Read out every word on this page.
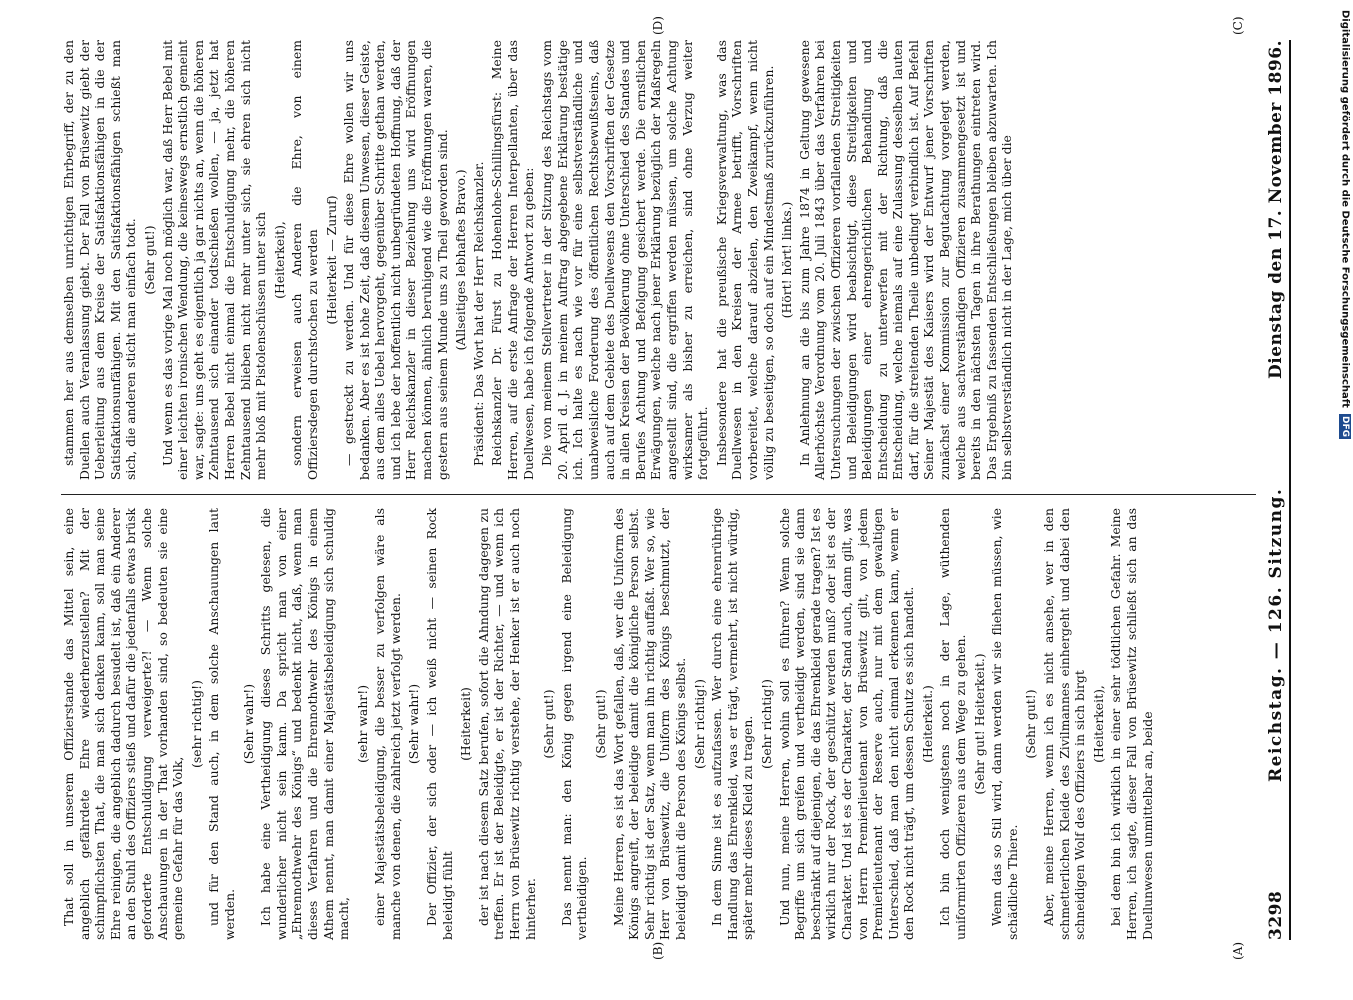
3298
Reichstag. — 126. Sitzung.
Dienstag den 17. November 1896.
(A)
(B)
(C)
(D)

That soll in unserem Offizierstande das Mittel sein, eine angeblich gefährdete Ehre wiederherzustellen? Mit der schimpflichsten That, die man sich denken kann, soll man seine Ehre reinigen, die angeblich dadurch besudelt ist, daß ein Anderer an den Stuhl des Offiziers stieß und dafür die jedenfalls etwas brüsk geforderte Entschuldigung verweigerte?! — Wenn solche Anschauungen in der That vorhanden sind, so bedeuten sie eine gemeine Gefahr für das Volk,

(sehr richtig!) und für den Stand auch, in dem solche Anschauungen laut werden.

(Sehr wahr!) Ich habe eine Vertheidigung dieses Schritts gelesen, die wunderlicher nicht sein kann. Da spricht man von einer „Ehrennothwehr des Königs“ und bedenkt nicht, daß, wenn man dieses Verfahren und die Ehrennothwehr des Königs in einem Athem nennt, man damit einer Majestätsbeleidigung sich schuldig macht,

(sehr wahr!) einer Majestätsbeleidigung, die besser zu verfolgen wäre als manche von denen, die zahlreich jetzt verfolgt werden. (Sehr wahr!) Der Offizier, der sich oder — ich weiß nicht — seinen Rock beleidigt fühlt

(Heiterkeit) der ist nach diesem Satz berufen, sofort die Ahndung dagegen zu treffen. Er ist der Beleidigte, er ist der Richter, — und wenn ich Herrn von Brüsewitz richtig verstehe, der Henker ist er auch noch hinterher.

(Sehr gut!) Das nennt man: den König gegen irgend eine Beleidigung vertheidigen.

(Sehr gut!) Meine Herren, es ist das Wort gefallen, daß, wer die Uniform des Königs angreift, der beleidige damit die königliche Person selbst. Sehr richtig ist der Satz, wenn man ihn richtig auffaßt. Wer so, wie Herr von Brüsewitz, die Uniform des Königs beschmutzt, der beleidigt damit die Person des Königs selbst. (Sehr richtig!) In dem Sinne ist es aufzufassen. Wer durch eine ehrenrührige Handlung das Ehrenkleid, was er trägt, vermehrt, ist nicht würdig, später mehr dieses Kleid zu tragen. (Sehr richtig!) Und nun, meine Herren, wohin soll es führen? Wenn solche Begriffe um sich greifen und vertheidigt werden, sind sie dann beschränkt auf diejenigen, die das Ehrenkleid gerade tragen? Ist es wirklich nur der Rock, der geschützt werden muß? oder ist es der Charakter. Und ist es der Charakter, der Stand auch, dann gilt, was von Herrn Premierlieutenant von Brüsewitz gilt, von jedem Premierlieutenant der Reserve auch, nur mit dem gewaltigen Unterschied, daß man den nicht einmal erkennen kann, wenn er den Rock nicht trägt, um dessen Schutz es sich handelt. (Heiterkeit.) Ich bin doch wenigstens noch in der Lage, wüthenden uniformirten Offizieren aus dem Wege zu gehen. (Sehr gut! Heiterkeit.) Wenn das so Stil wird, dann werden wir sie fliehen müssen, wie schädliche Thiere.

(Sehr gut!) Aber, meine Herren, wenn ich es nicht ansehe, wer in den schmetterlichen Kleide des Zivilmannes einhergeht und dabei den schneidigen Wolf des Offiziers in sich birgt (Heiterkeit), bei dem bin ich wirklich in einer sehr tödtlichen Gefahr. Meine Herren, ich sagte, dieser Fall von Brüsewitz schließt sich an das Duellunwesen unmittelbar an, beide

stammen her aus demselben unrichtigen Ehrbegriff, der zu den Duellen auch Veranlassung giebt. Der Fall von Brüsewitz giebt der Ueberleitung aus dem Kreise der Satisfaktionsfähigen in die der Satisfaktionsunfähigen. Mit den Satisfaktionsfähigen schießt man sich, die anderen sticht man einfach todt. (Sehr gut!) Und wenn es das vorige Mal noch möglich war, daß Herr Bebel mit einer leichten ironischen Wendung, die keineswegs ernstlich gemeint war, sagte: uns geht es eigentlich ja gar nichts an, wenn die höheren Zehntausend sich einander todtschießen wollen, — ja, jetzt hat Herren Bebel nicht einmal die Entschuldigung mehr, die höheren Zehntausend blieben nicht mehr unter sich, sie ehren sich nicht mehr bloß mit Pistolenschüssen unter sich (Heiterkeit), sondern erweisen auch Anderen die Ehre, von einem Offiziersdegen durchstochen zu werden (Heiterkeit — Zuruf) — gestreckt zu werden. Und für diese Ehre wollen wir uns bedanken. Aber es ist hohe Zeit, daß diesem Unwesen, dieser Geiste, aus dem alles Uebel hervorgeht, gegenüber Schritte gethan werden, und ich lebe der hoffentlich nicht unbegründeten Hoffnung, daß der Herr Reichskanzler in dieser Beziehung uns wird Eröffnungen machen können, ähnlich beruhigend wie die Eröffnungen waren, die gestern aus seinem Munde uns zu Theil geworden sind. (Allseitiges lebhaftes Bravo.) Präsident: Das Wort hat der Herr Reichskanzler. Reichskanzler Dr. Fürst zu Hohenlohe-Schillingsfürst: Meine Herren, auf die erste Anfrage der Herren Interpellanten, über das Duellwesen, habe ich folgende Antwort zu geben: Die von meinem Stellvertreter in der Sitzung des Reichstags vom 20. April d. J. in meinem Auftrag abgegebene Erklärung bestätige ich. Ich halte es nach wie vor für eine selbstverständliche und unabweisliche Forderung des öffentlichen Rechtsbewußtseins, daß auch auf dem Gebiete des Duellwesens den Vorschriften der Gesetze in allen Kreisen der Bevölkerung ohne Unterschied des Standes und Berufes Achtung und Befolgung gesichert werde. Die ernstlichen Erwägungen, welche nach jener Erklärung bezüglich der Maßregeln angestellt sind, die ergriffen werden müssen, um solche Achtung wirksamer als bisher zu erreichen, sind ohne Verzug weiter fortgeführt. Insbesondere hat die preußische Kriegsverwaltung, was das Duellwesen in den Kreisen der Armee betrifft, Vorschriften vorbereitet, welche darauf abzielen, den Zweikampf, wenn nicht völlig zu beseitigen, so doch auf ein Mindestmaß zurückzuführen. (Hört! hört! links.) In Anlehnung an die bis zum Jahre 1874 in Geltung gewesene Allerhöchste Verordnung vom 20. Juli 1843 über das Verfahren bei Untersuchungen der zwischen Offizieren vorfallenden Streitigkeiten und Beleidigungen wird beabsichtigt, diese Streitigkeiten und Beleidigungen einer ehrengerichtlichen Behandlung und Entscheidung zu unterwerfen mit der Richtung, daß die Entscheidung, welche niemals auf eine Zulassung desselben lauten darf, für die streitenden Theile unbedingt verbindlich ist. Auf Befehl Seiner Majestät des Kaisers wird der Entwurf jener Vorschriften zunächst einer Kommission zur Begutachtung vorgelegt werden, welche aus sachverständigen Offizieren zusammengesetzt ist und bereits in den nächsten Tagen in ihre Berathungen eintreten wird. Das Ergebniß zu fassenden Entschließungen bleiben abzuwarten. Ich bin selbstverständlich nicht in der Lage, mich über die	Digitalisierung gefördert durch die Deutsche Forschungsgemeinschaft
DFG
